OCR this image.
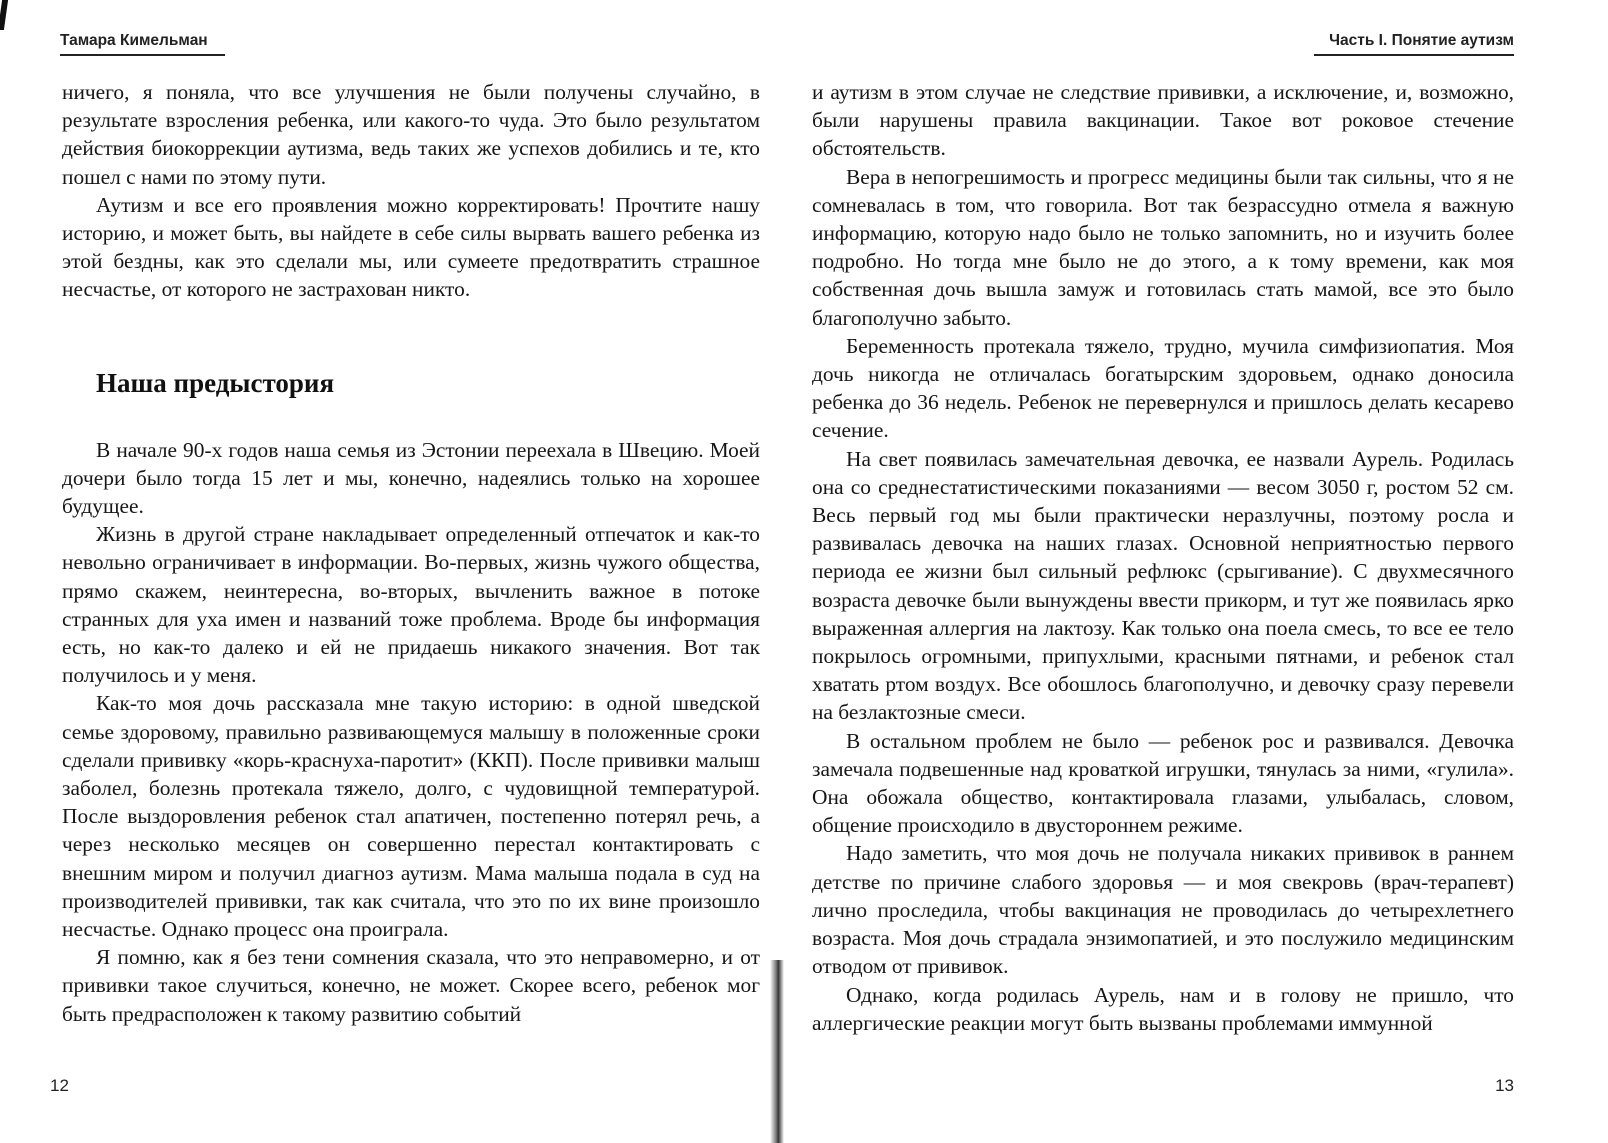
Тамара Кимельман

ничего, я поняла, что все улучшения не были получены случайно, в результате взросления ребенка, или какого-то чуда. Это было результатом действия биокоррекции аутизма, ведь таких же успехов добились и те, кто пошел с нами по этому пути.

Аутизм и все его проявления можно корректировать! Прочтите нашу историю, и может быть, вы найдете в себе силы вырвать вашего ребенка из этой бездны, как это сделали мы, или сумеете предотвратить страшное несчастье, от которого не застрахован никто.

Наша предыстория

В начале 90-х годов наша семья из Эстонии переехала в Швецию. Моей дочери было тогда 15 лет и мы, конечно, надеялись только на хорошее будущее.

Жизнь в другой стране накладывает определенный отпечаток и как-то невольно ограничивает в информации. Во-первых, жизнь чужого общества, прямо скажем, неинтересна, во-вторых, вычленить важное в потоке странных для уха имен и названий тоже проблема. Вроде бы информация есть, но как-то далеко и ей не придаешь никакого значения. Вот так получилось и у меня.

Как-то моя дочь рассказала мне такую историю: в одной шведской семье здоровому, правильно развивающемуся малышу в положенные сроки сделали прививку «корь-краснуха-паротит» (ККП). После прививки малыш заболел, болезнь протекала тяжело, долго, с чудовищной температурой. После выздоровления ребенок стал апатичен, постепенно потерял речь, а через несколько месяцев он совершенно перестал контактировать с внешним миром и получил диагноз аутизм. Мама малыша подала в суд на производителей прививки, так как считала, что это по их вине произошло несчастье. Однако процесс она проиграла.

Я помню, как я без тени сомнения сказала, что это неправомерно, и от прививки такое случиться, конечно, не может. Скорее всего, ребенок мог быть предрасположен к такому развитию событий

12
Часть I. Понятие аутизм

и аутизм в этом случае не следствие прививки, а исключение, и, возможно, были нарушены правила вакцинации. Такое вот роковое стечение обстоятельств.

Вера в непогрешимость и прогресс медицины были так сильны, что я не сомневалась в том, что говорила. Вот так безрассудно отмела я важную информацию, которую надо было не только запомнить, но и изучить более подробно. Но тогда мне было не до этого, а к тому времени, как моя собственная дочь вышла замуж и готовилась стать мамой, все это было благополучно забыто.

Беременность протекала тяжело, трудно, мучила симфизиопатия. Моя дочь никогда не отличалась богатырским здоровьем, однако доносила ребенка до 36 недель. Ребенок не перевернулся и пришлось делать кесарево сечение.

На свет появилась замечательная девочка, ее назвали Аурель. Родилась она со среднестатистическими показаниями — весом 3050 г, ростом 52 см. Весь первый год мы были практически неразлучны, поэтому росла и развивалась девочка на наших глазах. Основной неприятностью первого периода ее жизни был сильный рефлюкс (срыгивание). С двухмесячного возраста девочке были вынуждены ввести прикорм, и тут же появилась ярко выраженная аллергия на лактозу. Как только она поела смесь, то все ее тело покрылось огромными, припухлыми, красными пятнами, и ребенок стал хватать ртом воздух. Все обошлось благополучно, и девочку сразу перевели на безлактозные смеси.

В остальном проблем не было — ребенок рос и развивался. Девочка замечала подвешенные над кроваткой игрушки, тянулась за ними, «гулила». Она обожала общество, контактировала глазами, улыбалась, словом, общение происходило в двустороннем режиме.

Надо заметить, что моя дочь не получала никаких прививок в раннем детстве по причине слабого здоровья — и моя свекровь (врач-терапевт) лично проследила, чтобы вакцинация не проводилась до четырехлетнего возраста. Моя дочь страдала энзимопатией, и это послужило медицинским отводом от прививок.

Однако, когда родилась Аурель, нам и в голову не пришло, что аллергические реакции могут быть вызваны проблемами иммунной

13
